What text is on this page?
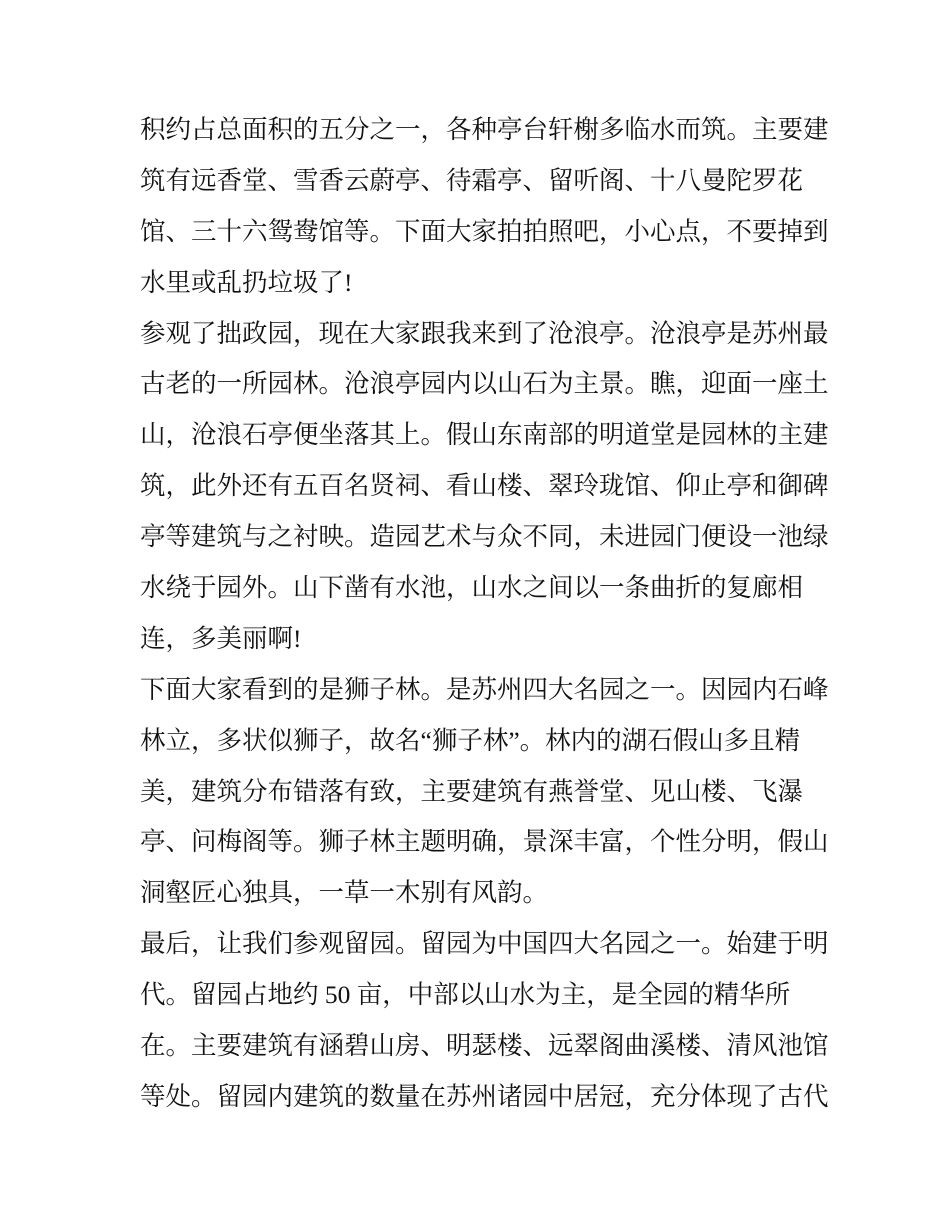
积约占总面积的五分之一，各种亭台轩榭多临水而筑。主要建
筑有远香堂、雪香云蔚亭、待霜亭、留听阁、十八曼陀罗花
馆、三十六鸳鸯馆等。下面大家拍拍照吧，小心点，不要掉到
水里或乱扔垃圾了!
参观了拙政园，现在大家跟我来到了沧浪亭。沧浪亭是苏州最
古老的一所园林。沧浪亭园内以山石为主景。瞧，迎面一座土
山，沧浪石亭便坐落其上。假山东南部的明道堂是园林的主建
筑，此外还有五百名贤祠、看山楼、翠玲珑馆、仰止亭和御碑
亭等建筑与之衬映。造园艺术与众不同，未进园门便设一池绿
水绕于园外。山下凿有水池，山水之间以一条曲折的复廊相
连，多美丽啊!
下面大家看到的是狮子林。是苏州四大名园之一。因园内石峰
林立，多状似狮子，故名“狮子林”。林内的湖石假山多且精
美，建筑分布错落有致，主要建筑有燕誉堂、见山楼、飞瀑
亭、问梅阁等。狮子林主题明确，景深丰富，个性分明，假山
洞壑匠心独具，一草一木别有风韵。
最后，让我们参观留园。留园为中国四大名园之一。始建于明
代。留园占地约 50 亩，中部以山水为主，是全园的精华所
在。主要建筑有涵碧山房、明瑟楼、远翠阁曲溪楼、清风池馆
等处。留园内建筑的数量在苏州诸园中居冠，充分体现了古代
